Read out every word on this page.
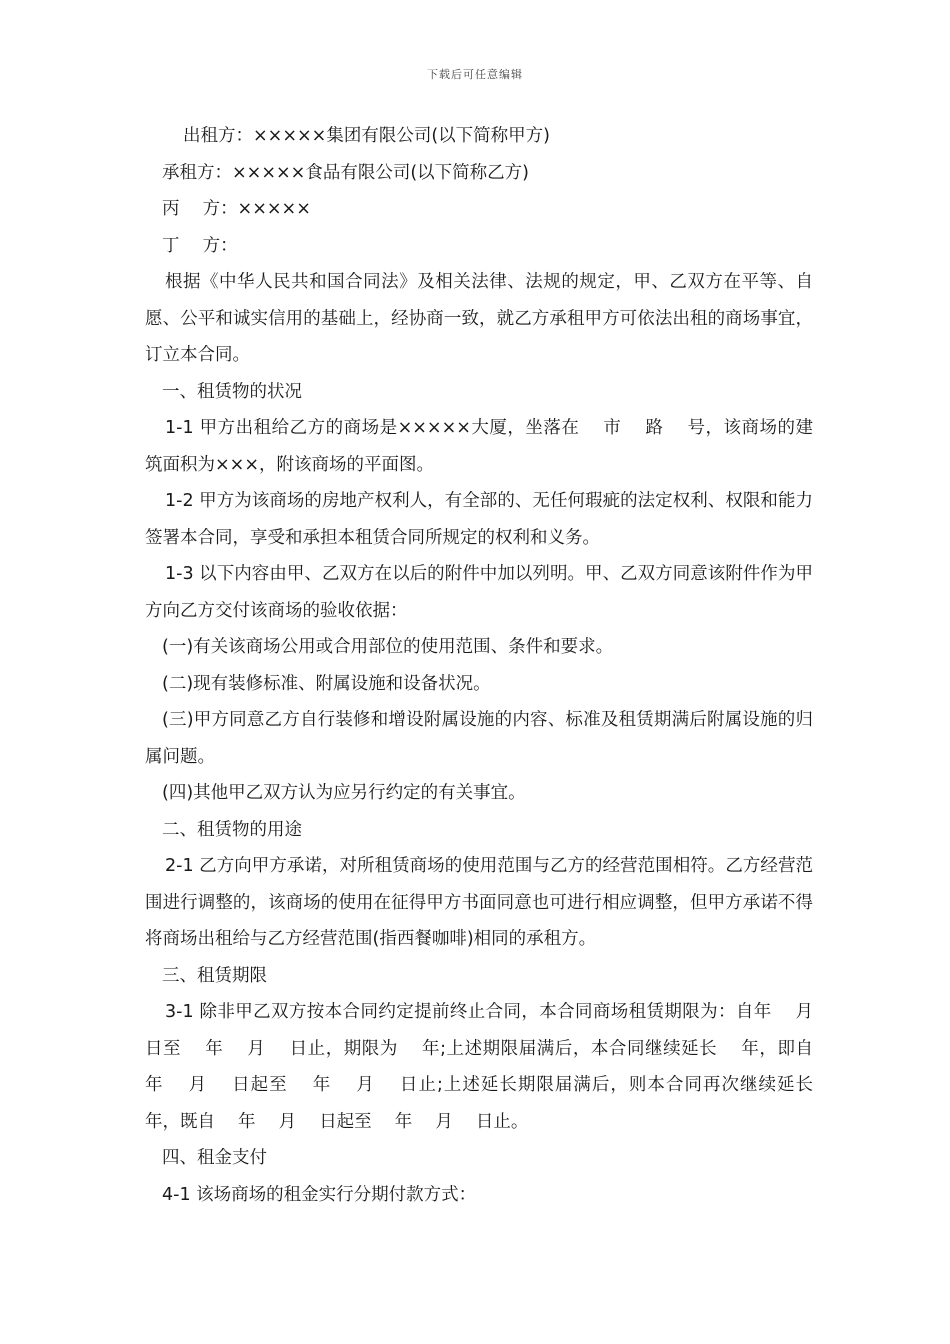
下载后可任意编辑

出租方：×××××集团有限公司(以下简称甲方)

承租方：×××××食品有限公司(以下简称乙方)

丙　 方：×××××

丁　 方：

根据《中华人民共和国合同法》及相关法律、法规的规定，甲、乙双方在平等、自愿、公平和诚实信用的基础上，经协商一致，就乙方承租甲方可依法出租的商场事宜，订立本合同。

一、租赁物的状况

1-1 甲方出租给乙方的商场是×××××大厦，坐落在　 市　 路　 号，该商场的建筑面积为×××，附该商场的平面图。

1-2 甲方为该商场的房地产权利人，有全部的、无任何瑕疵的法定权利、权限和能力签署本合同，享受和承担本租赁合同所规定的权利和义务。

1-3 以下内容由甲、乙双方在以后的附件中加以列明。甲、乙双方同意该附件作为甲方向乙方交付该商场的验收依据：

(一)有关该商场公用或合用部位的使用范围、条件和要求。

(二)现有装修标准、附属设施和设备状况。

(三)甲方同意乙方自行装修和增设附属设施的内容、标准及租赁期满后附属设施的归属问题。

(四)其他甲乙双方认为应另行约定的有关事宜。

二、租赁物的用途

2-1 乙方向甲方承诺，对所租赁商场的使用范围与乙方的经营范围相符。乙方经营范围进行调整的，该商场的使用在征得甲方书面同意也可进行相应调整，但甲方承诺不得将商场出租给与乙方经营范围(指西餐咖啡)相同的承租方。

三、租赁期限

3-1 除非甲乙双方按本合同约定提前终止合同，本合同商场租赁期限为：自年　 月　　 日至　 年　 月　 日止，期限为　 年;上述期限届满后，本合同继续延长　 年，即自　　 年　 月　 日起至　 年　 月　 日止;上述延长期限届满后，则本合同再次继续延长　 年，既自　 年　 月　 日起至　 年　 月　 日止。

四、租金支付

4-1 该场商场的租金实行分期付款方式：
